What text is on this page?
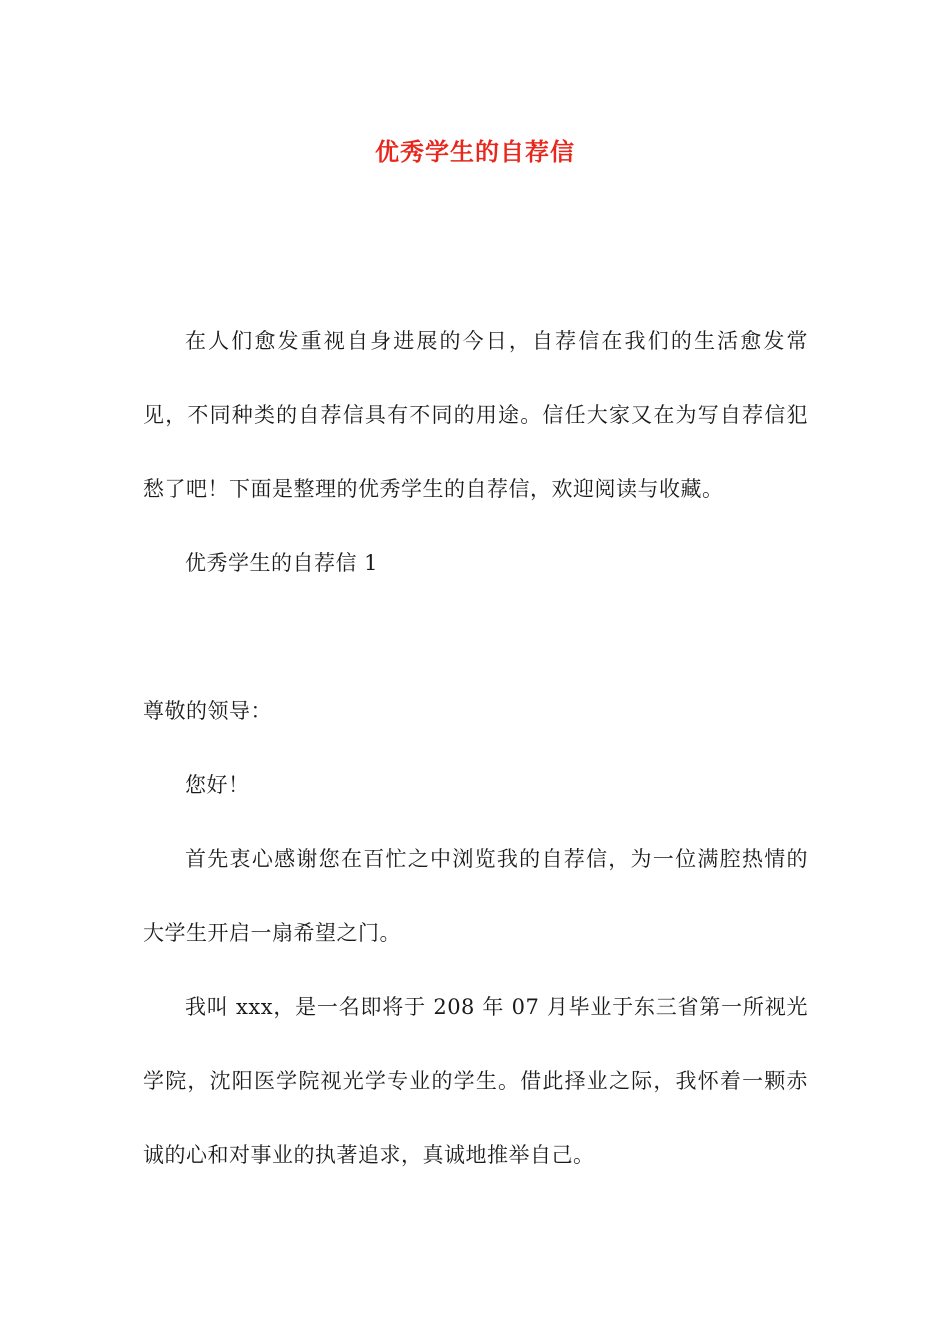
优秀学生的自荐信

在人们愈发重视自身进展的今日，自荐信在我们的生活愈发常见，不同种类的自荐信具有不同的用途。信任大家又在为写自荐信犯愁了吧！下面是整理的优秀学生的自荐信，欢迎阅读与收藏。

优秀学生的自荐信 1

尊敬的领导：

您好！

首先衷心感谢您在百忙之中浏览我的自荐信，为一位满腔热情的大学生开启一扇希望之门。

我叫 xxx，是一名即将于 208 年 07 月毕业于东三省第一所视光学院，沈阳医学院视光学专业的学生。借此择业之际，我怀着一颗赤诚的心和对事业的执著追求，真诚地推举自己。
